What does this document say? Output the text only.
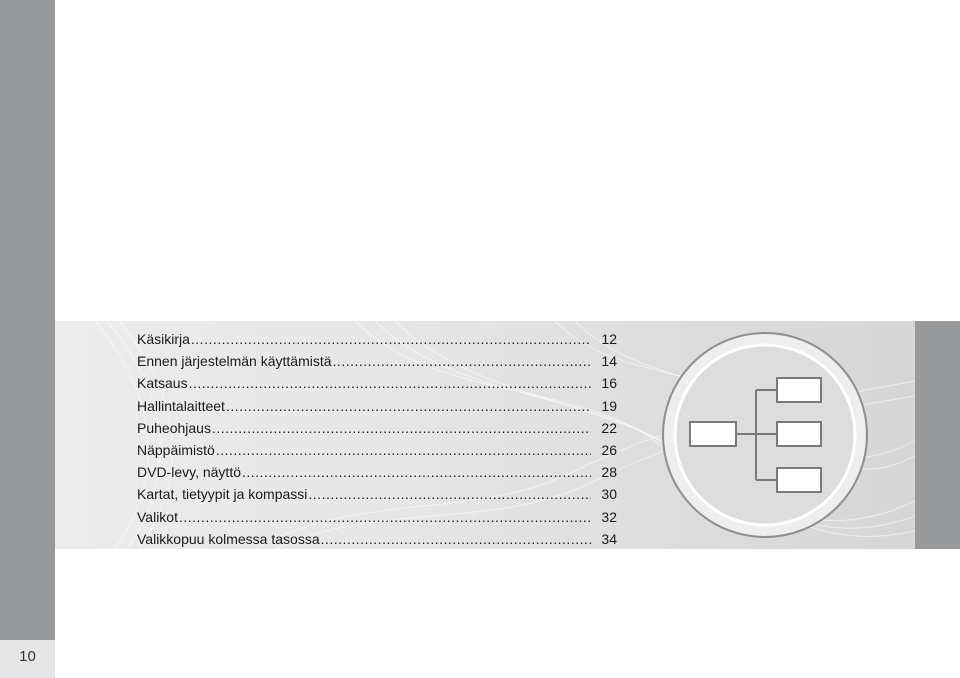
10
Käsikirja .....	12
Ennen järjestelmän käyttämistä .....	14
Katsaus .....	16
Hallintalaitteet .....	19
Puheohjaus .....	22
Näppäimistö .....	26
DVD-levy, näyttö .....	28
Kartat, tietyypit ja kompassi .....	30
Valikot .....	32
Valikkopuu kolmessa tasossa .....	34
